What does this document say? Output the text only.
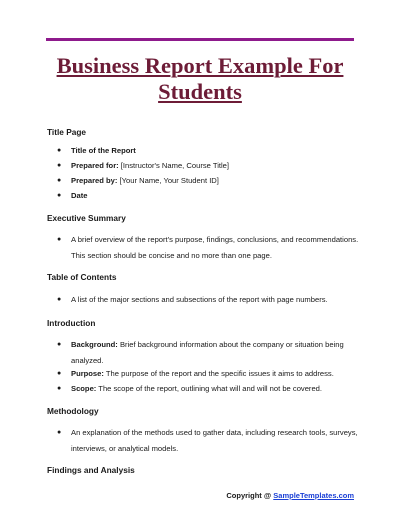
Business Report Example For Students
Title Page
● Title of the Report
● Prepared for: [Instructor's Name, Course Title]
● Prepared by: [Your Name, Your Student ID]
● Date
Executive Summary
● A brief overview of the report's purpose, findings, conclusions, and recommendations. This section should be concise and no more than one page.
Table of Contents
● A list of the major sections and subsections of the report with page numbers.
Introduction
● Background: Brief background information about the company or situation being analyzed.
● Purpose: The purpose of the report and the specific issues it aims to address.
● Scope: The scope of the report, outlining what will and will not be covered.
Methodology
● An explanation of the methods used to gather data, including research tools, surveys, interviews, or analytical models.
Findings and Analysis
Copyright @ SampleTemplates.com
